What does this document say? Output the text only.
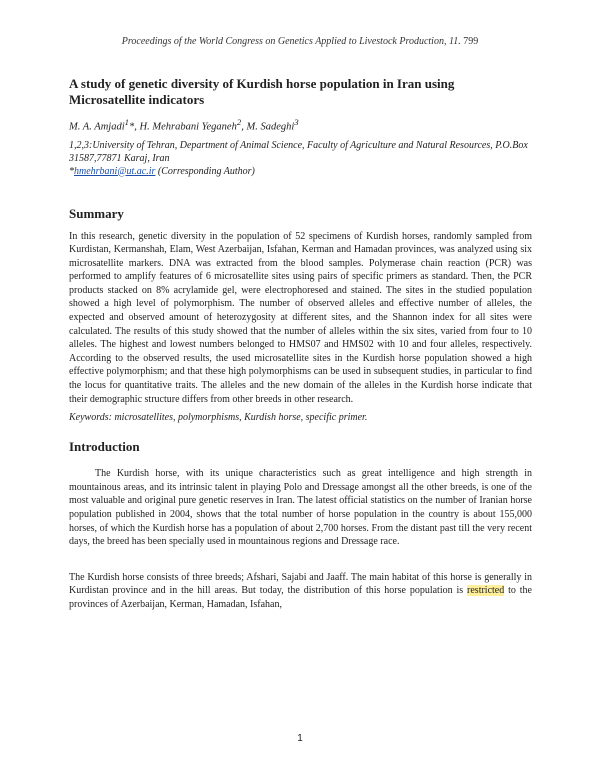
Proceedings of the World Congress on Genetics Applied to Livestock Production, 11. 799

A study of genetic diversity of Kurdish horse population in Iran using Microsatellite indicators

M. A. Amjadi$^1$*, H. Mehrabani Yeganeh$^2$, M. Sadeghi$^3$
1,2,3:University of Tehran, Department of Animal Science, Faculty of Agriculture and Natural Resources, P.O.Box 31587,77871 Karaj, Iran
*hmehrbani@ut.ac.ir (Corresponding Author)
Summary

In this research, genetic diversity in the population of 52 specimens of Kurdish horses, randomly sampled from Kurdistan, Kermanshah, Elam, West Azerbaijan, Isfahan, Kerman and Hamadan provinces, was analyzed using six microsatellite markers. DNA was extracted from the blood samples. Polymerase chain reaction (PCR) was performed to amplify features of 6 microsatellite sites using pairs of specific primers as standard. Then, the PCR products stacked on 8% acrylamide gel, were electrophoresed and stained. The sites in the studied population showed a high level of polymorphism. The number of observed alleles and effective number of alleles, the expected and observed amount of heterozygosity at different sites, and the Shannon index for all sites were calculated. The results of this study showed that the number of alleles within the six sites, varied from four to 10 alleles. The highest and lowest numbers belonged to HMS07 and HMS02 with 10 and four alleles, respectively. According to the observed results, the used microsatellite sites in the Kurdish horse population showed a high effective polymorphism; and that these high polymorphisms can be used in subsequent studies, in particular to find the locus for quantitative traits. The alleles and the new domain of the alleles in the Kurdish horse indicate that their demographic structure differs from other breeds in other research.

Keywords: microsatellites, polymorphisms, Kurdish horse, specific primer.
Introduction

The Kurdish horse, with its unique characteristics such as great intelligence and high strength in mountainous areas, and its intrinsic talent in playing Polo and Dressage amongst all the other breeds, is one of the most valuable and original pure genetic reserves in Iran. The latest official statistics on the number of Iranian horse population published in 2004, shows that the total number of horse population in the country is about 155,000 horses, of which the Kurdish horse has a population of about 2,700 horses. From the distant past till the very recent days, the breed has been specially used in mountainous regions and Dressage race.

The Kurdish horse consists of three breeds; Afshari, Sajabi and Jaaff. The main habitat of this horse is generally in Kurdistan province and in the hill areas. But today, the distribution of this horse population is restricted to the provinces of Azerbaijan, Kerman, Hamadan, Isfahan,

1
